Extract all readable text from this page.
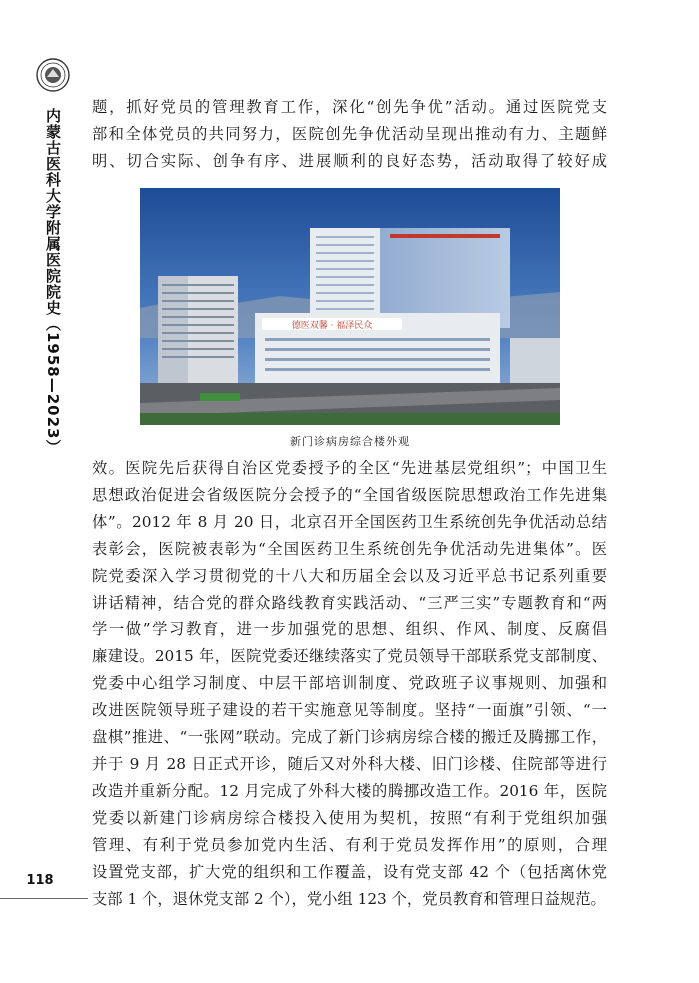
内蒙古医科大学附属医院院史（1958—2023）
118

题，抓好党员的管理教育工作，深化“创先争优”活动。通过医院党支
部和全体党员的共同努力，医院创先争优活动呈现出推动有力、主题鲜
明、切合实际、创争有序、进展顺利的良好态势，活动取得了较好成

德医双馨 · 福泽民众
新门诊病房综合楼外观

效。医院先后获得自治区党委授予的全区“先进基层党组织”；中国卫生
思想政治促进会省级医院分会授予的“全国省级医院思想政治工作先进集
体”。2012 年 8 月 20 日，北京召开全国医药卫生系统创先争优活动总结
表彰会，医院被表彰为“全国医药卫生系统创先争优活动先进集体”。医
院党委深入学习贯彻党的十八大和历届全会以及习近平总书记系列重要
讲话精神，结合党的群众路线教育实践活动、“三严三实”专题教育和“两
学一做”学习教育，进一步加强党的思想、组织、作风、制度、反腐倡
廉建设。2015 年，医院党委还继续落实了党员领导干部联系党支部制度、
党委中心组学习制度、中层干部培训制度、党政班子议事规则、加强和
改进医院领导班子建设的若干实施意见等制度。坚持“一面旗”引领、“一
盘棋”推进、“一张网”联动。完成了新门诊病房综合楼的搬迁及腾挪工作，
并于 9 月 28 日正式开诊，随后又对外科大楼、旧门诊楼、住院部等进行
改造并重新分配。12 月完成了外科大楼的腾挪改造工作。2016 年，医院
党委以新建门诊病房综合楼投入使用为契机，按照“有利于党组织加强
管理、有利于党员参加党内生活、有利于党员发挥作用”的原则，合理
设置党支部，扩大党的组织和工作覆盖，设有党支部 42 个（包括离休党
支部 1 个，退休党支部 2 个），党小组 123 个，党员教育和管理日益规范。
